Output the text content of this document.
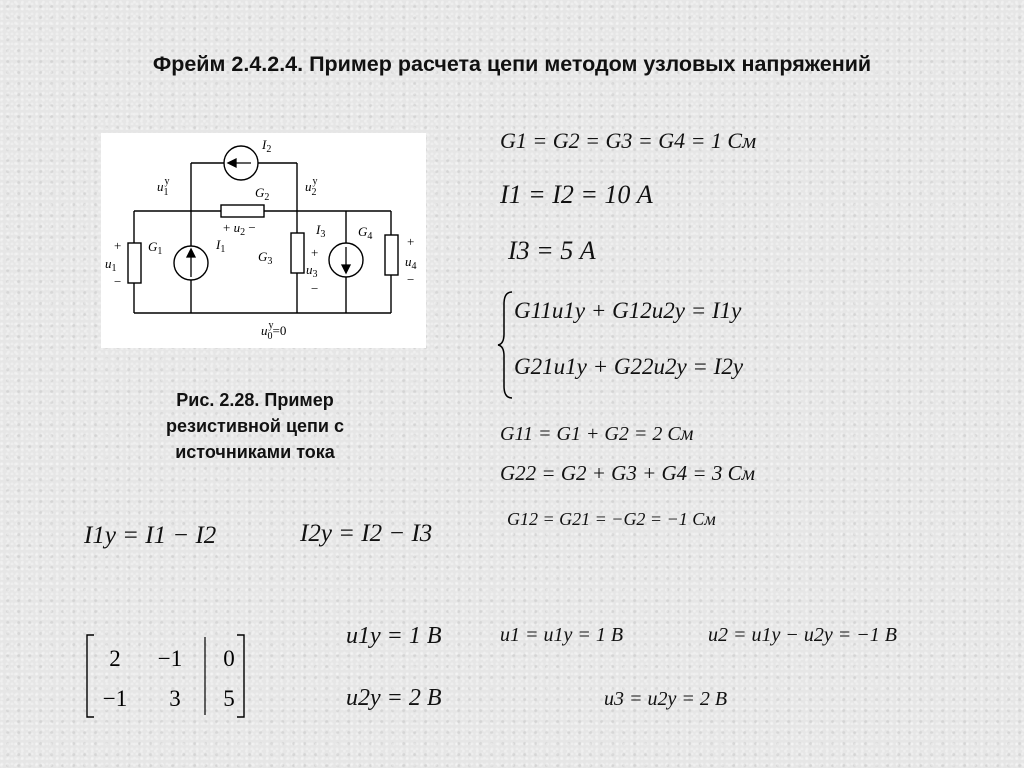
Фрейм 2.4.2.4. Пример расчета цепи методом узловых напряжений
$I_2$
$G_2$
+ $u_2$ −
$G_1$	$I_1$	$G_3$
$I_3$	$G_4$
+
$u_1$
−
+
$u_3$
−
+
$u_4$
−
$u^y$ 1	$u^y$ 2
$u^y$ 0=0
Рис. 2.28. Пример
резистивной цепи с
источниками тока
G1 = G2 = G3 = G4 = 1 См
I1 = I2 = 10 А
I3 = 5 А
G11u1y + G12u2y = I1y
G21u1y + G22u2y = I2y
G11 = G1 + G2 = 2 См
G22 = G2 + G3 + G4 = 3 См
G12 = G21 = −G2 = −1 См
I1y = I1 − I2	I2y = I2 − I3
2 −1 0
−1 3 5
u1y = 1 В
u2y = 2 В
u1 = u1y = 1 В	u2 = u1y − u2y = −1 В
u3 = u2y = 2 В
